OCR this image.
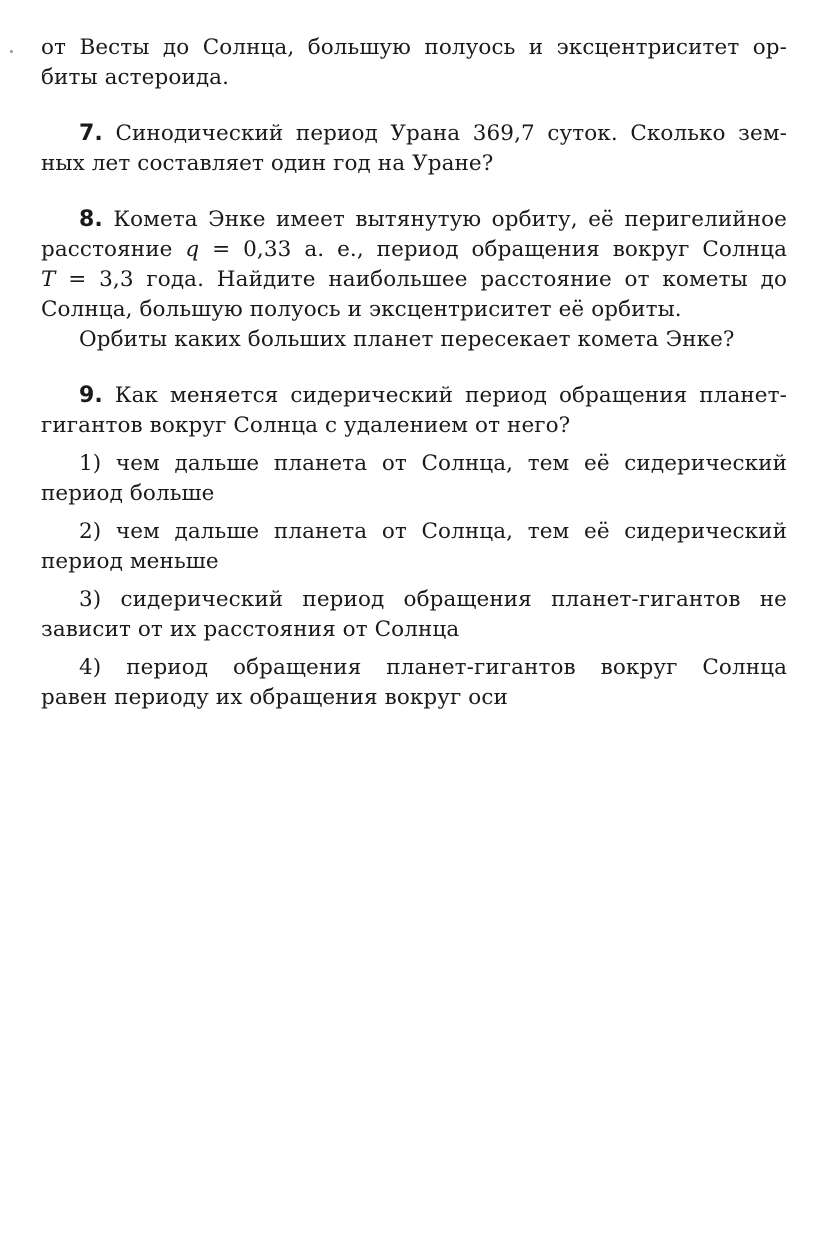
от Весты до Солнца, большую полуось и эксцентриситет ор-
биты астероида.
7. Синодический период Урана 369,7 суток. Сколько зем-
ных лет составляет один год на Уране?
8. Комета Энке имеет вытянутую орбиту, её перигелийное
расстояние q = 0,33 а. е., период обращения вокруг Солнца
T = 3,3 года. Найдите наибольшее расстояние от кометы до
Солнца, большую полуось и эксцентриситет её орбиты.
Орбиты каких больших планет пересекает комета Энке?
9. Как меняется сидерический период обращения планет-
гигантов вокруг Солнца с удалением от него?
1) чем дальше планета от Солнца, тем её сидерический
период больше
2) чем дальше планета от Солнца, тем её сидерический
период меньше
3) сидерический период обращения планет-гигантов не
зависит от их расстояния от Солнца
4) период обращения планет-гигантов вокруг Солнца
равен периоду их обращения вокруг оси
